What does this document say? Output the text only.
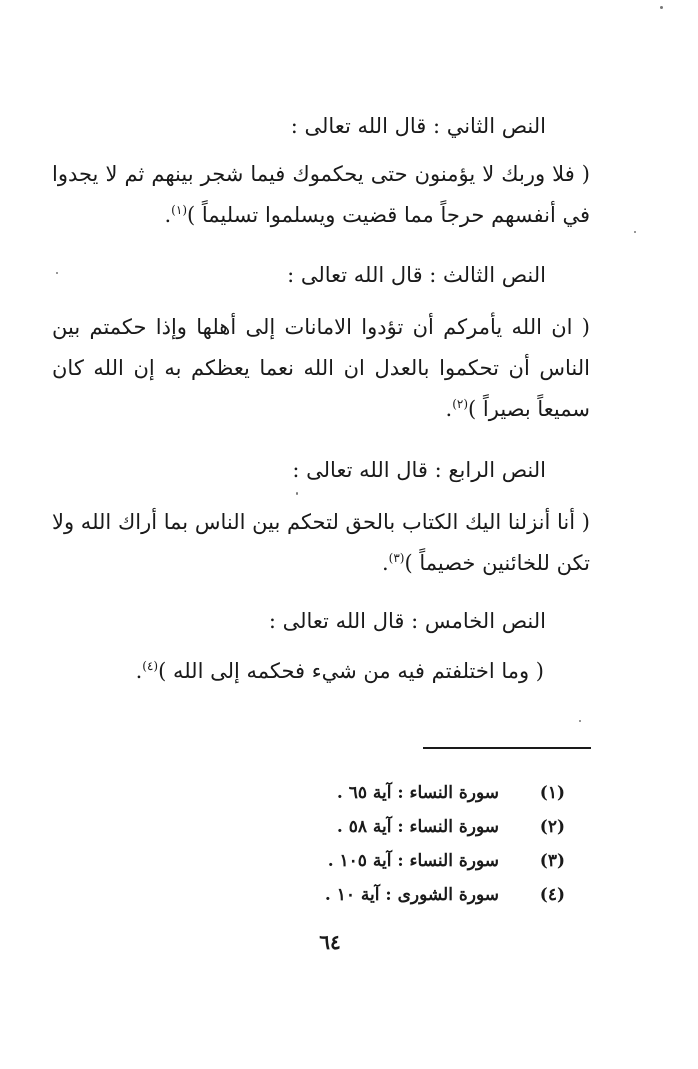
النص الثاني : قال الله تعالى :
( فلا وربك لا يؤمنون حتى يحكموك فيما شجر بينهم ثم لا يجدوا في أنفسهم حرجاً مما قضيت ويسلموا تسليماً )$^{(١)}$.
النص الثالث : قال الله تعالى :
( ان الله يأمركم أن تؤدوا الامانات إلى أهلها وإذا حكمتم بين الناس أن تحكموا بالعدل ان الله نعما يعظكم به إن الله كان سميعاً بصيراً )$^{(٢)}$.
النص الرابع : قال الله تعالى :
( أنا أنزلنا اليك الكتاب بالحق لتحكم بين الناس بما أراك الله ولا تكن للخائنين خصيماً )$^{(٣)}$.
النص الخامس : قال الله تعالى :
( وما اختلفتم فيه من شيء فحكمه إلى الله )$^{(٤)}$.
(١)
سورة النساء : آية ٦٥ .
(٢)
سورة النساء : آية ٥٨ .
(٣)
سورة النساء : آية ١٠٥ .
(٤)
سورة الشورى : آية ١٠ .
٦٤
